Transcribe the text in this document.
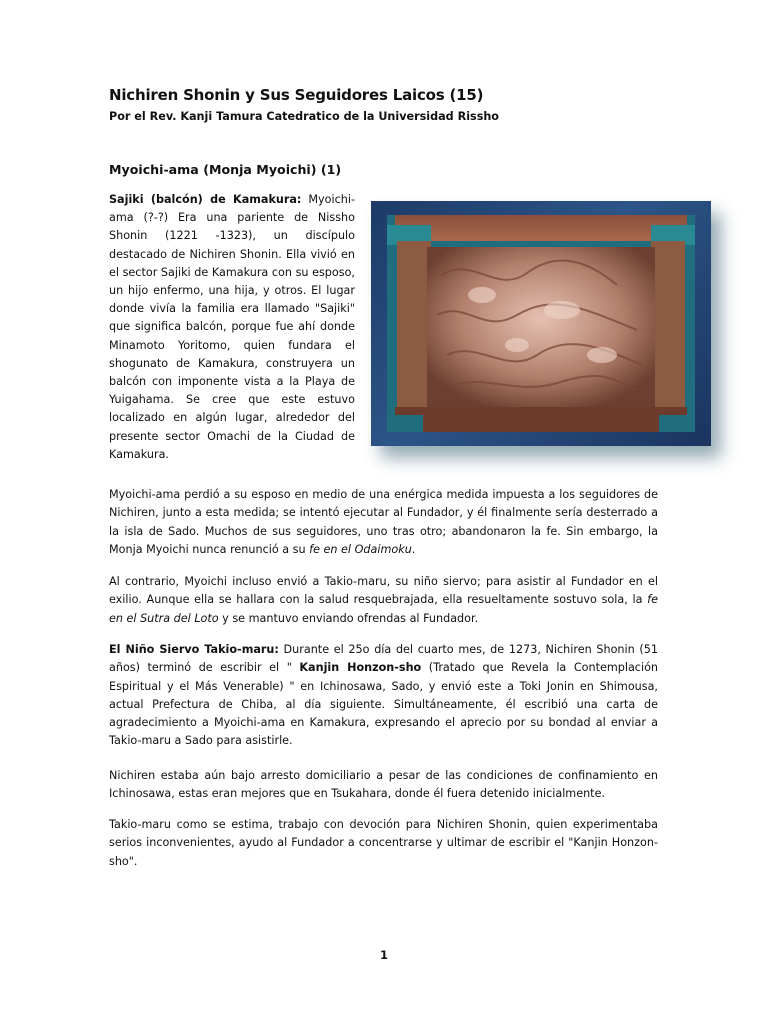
Nichiren Shonin y Sus Seguidores Laicos (15)
Por el Rev. Kanji Tamura Catedratico de la Universidad Rissho
Myoichi-ama (Monja Myoichi) (1)
Sajiki (balcón) de Kamakura: Myoichi-ama (?-?) Era una pariente de Nissho Shonin (1221 -1323), un discípulo destacado de Nichiren Shonin. Ella vivió en el sector Sajiki de Kamakura con su esposo, un hijo enfermo, una hija, y otros. El lugar donde vivía la familia era llamado "Sajiki" que significa balcón, porque fue ahí donde Minamoto Yoritomo, quien fundara el shogunato de Kamakura, construyera un balcón con imponente vista a la Playa de Yuigahama. Se cree que este estuvo localizado en algún lugar, alrededor del presente sector Omachi de la Ciudad de Kamakura.
Myoichi-ama perdió a su esposo en medio de una enérgica medida impuesta a los seguidores de Nichiren, junto a esta medida; se intentó ejecutar al Fundador, y él finalmente sería desterrado a la isla de Sado. Muchos de sus seguidores, uno tras otro; abandonaron la fe. Sin embargo, la Monja Myoichi nunca renunció a su fe en el Odaimoku.
Al contrario, Myoichi incluso envió a Takio-maru, su niño siervo; para asistir al Fundador en el exilio. Aunque ella se hallara con la salud resquebrajada, ella resueltamente sostuvo sola, la fe en el Sutra del Loto y se mantuvo enviando ofrendas al Fundador.
El Niño Siervo Takio-maru: Durante el 25o día del cuarto mes, de 1273, Nichiren Shonin (51 años) terminó de escribir el " Kanjin Honzon-sho (Tratado que Revela la Contemplación Espiritual y el Más Venerable) " en Ichinosawa, Sado, y envió este a Toki Jonin en Shimousa, actual Prefectura de Chiba, al día siguiente. Simultáneamente, él escribió una carta de agradecimiento a Myoichi-ama en Kamakura, expresando el aprecio por su bondad al enviar a Takio-maru a Sado para asistirle.
Nichiren estaba aún bajo arresto domiciliario a pesar de las condiciones de confinamiento en Ichinosawa, estas eran mejores que en Tsukahara, donde él fuera detenido inicialmente.
Takio-maru como se estima, trabajo con devoción para Nichiren Shonin, quien experimentaba serios inconvenientes, ayudo al Fundador a concentrarse y ultimar de escribir el "Kanjin Honzon-sho".
1
